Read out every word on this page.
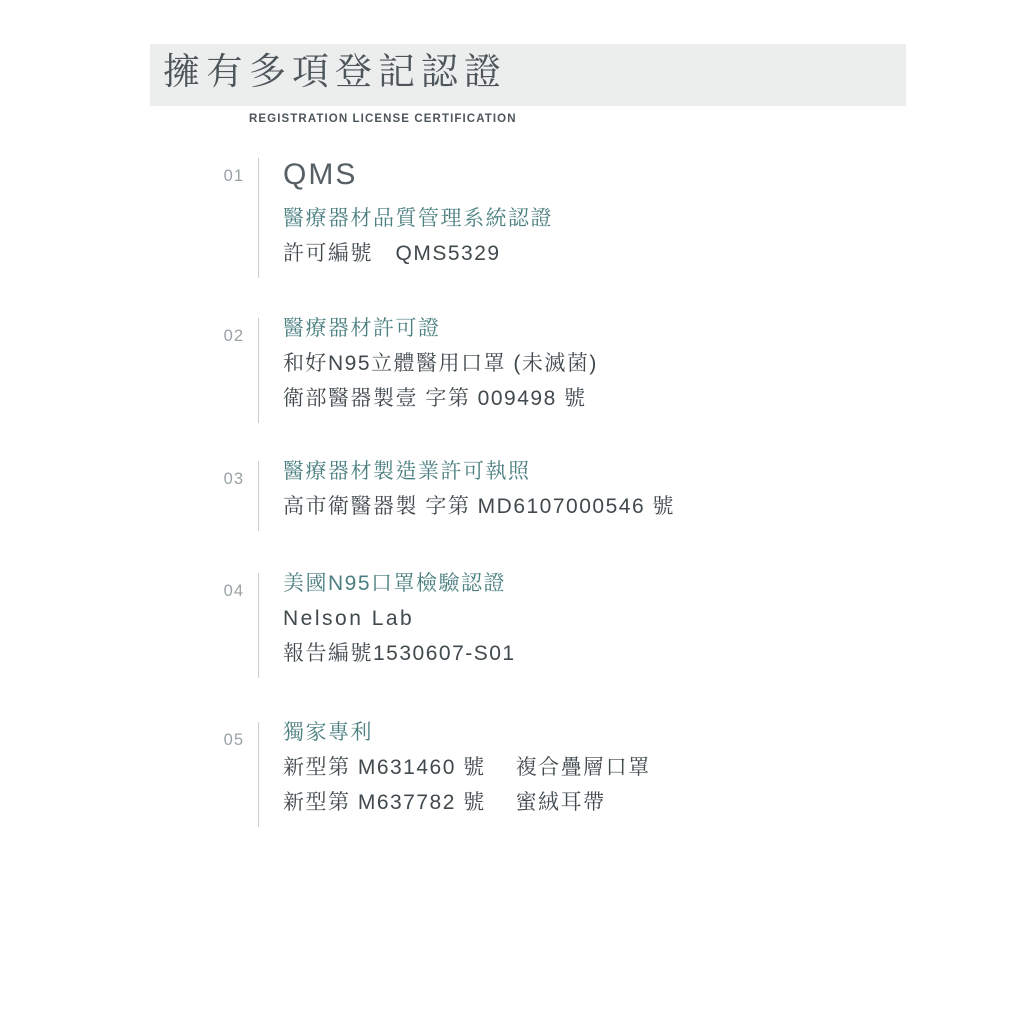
擁有多項登記認證
REGISTRATION LICENSE CERTIFICATION
01 QMS
醫療器材品質管理系統認證
許可編號　QMS5329
02 醫療器材許可證
和好N95立體醫用口罩 (未滅菌)
衛部醫器製壹 字第 009498 號
03 醫療器材製造業許可執照
高市衛醫器製 字第 MD6107000546 號
04 美國N95口罩檢驗認證
Nelson Lab
報告編號1530607-S01
05 獨家專利
新型第 M631460 號　 複合疊層口罩
新型第 M637782 號　 蜜絨耳帶
